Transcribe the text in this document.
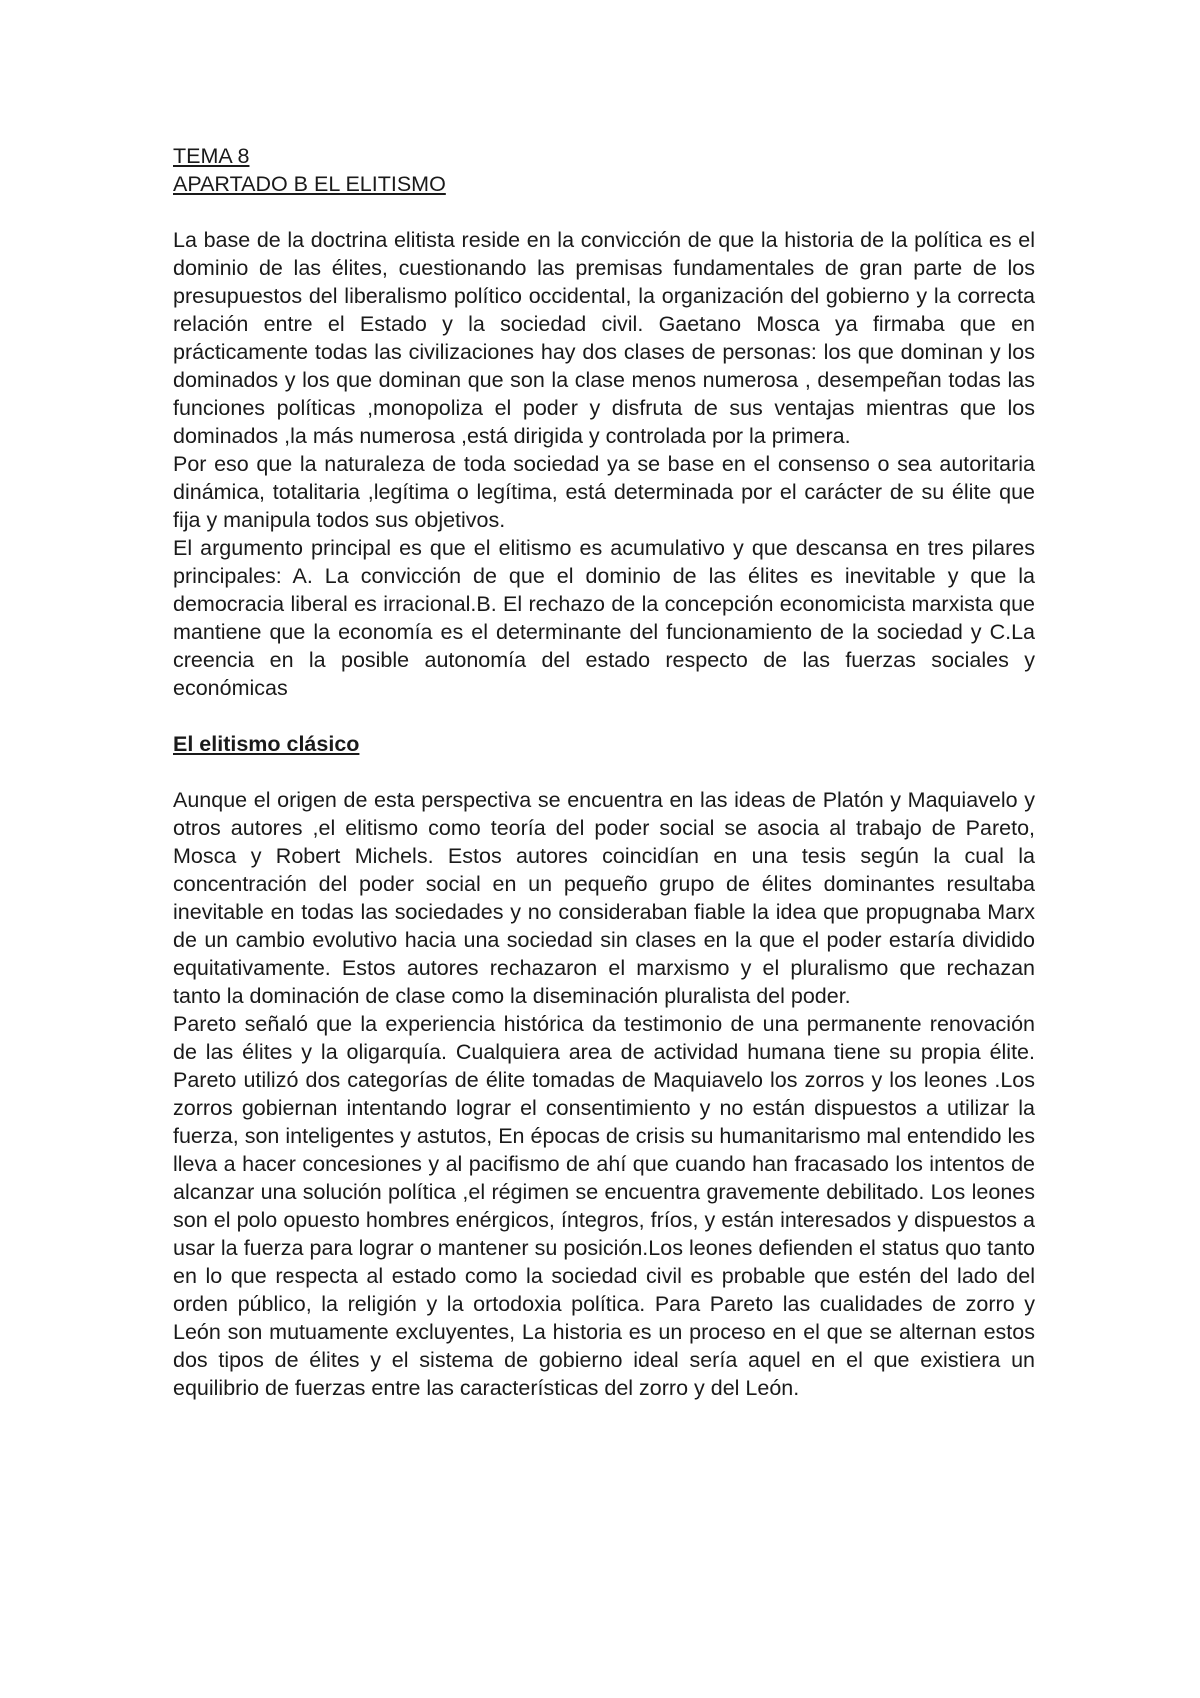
TEMA 8
APARTADO B EL ELITISMO

La base de la doctrina elitista reside en la convicción de que la historia de la política es el dominio de las élites, cuestionando las premisas fundamentales de gran parte de los presupuestos del liberalismo político occidental, la organización del gobierno y la correcta relación entre el Estado y la sociedad civil. Gaetano Mosca ya firmaba que en prácticamente todas las civilizaciones hay dos clases de personas: los que dominan y los dominados y los que dominan que son la clase menos numerosa , desempeñan todas las funciones políticas ,monopoliza el poder y disfruta de sus ventajas mientras que los dominados ,la más numerosa ,está dirigida y controlada por la primera.

Por eso que la naturaleza de toda sociedad ya se base en el consenso o sea autoritaria dinámica, totalitaria ,legítima o legítima, está determinada por el carácter de su élite que fija y manipula todos sus objetivos.

El argumento principal es que el elitismo es acumulativo y que descansa en tres pilares principales: A. La convicción de que el dominio de las élites es inevitable y que la democracia liberal es irracional.B. El rechazo de la concepción economicista marxista que mantiene que la economía es el determinante del funcionamiento de la sociedad y C.La creencia en la posible autonomía del estado respecto de las fuerzas sociales y económicas

El elitismo clásico

Aunque el origen de esta perspectiva se encuentra en las ideas de Platón y Maquiavelo y otros autores ,el elitismo como teoría del poder social se asocia al trabajo de Pareto, Mosca y Robert Michels. Estos autores coincidían en una tesis según la cual la concentración del poder social en un pequeño grupo de élites dominantes resultaba inevitable en todas las sociedades y no consideraban fiable la idea que propugnaba Marx de un cambio evolutivo hacia una sociedad sin clases en la que el poder estaría dividido equitativamente. Estos autores rechazaron el marxismo y el pluralismo que rechazan tanto la dominación de clase como la diseminación pluralista del poder.

Pareto señaló que la experiencia histórica da testimonio de una permanente renovación de las élites y la oligarquía. Cualquiera area de actividad humana tiene su propia élite. Pareto utilizó dos categorías de élite tomadas de Maquiavelo los zorros y los leones .Los zorros gobiernan intentando lograr el consentimiento y no están dispuestos a utilizar la fuerza, son inteligentes y astutos, En épocas de crisis su humanitarismo mal entendido les lleva a hacer concesiones y al pacifismo de ahí que cuando han fracasado los intentos de alcanzar una solución política ,el régimen se encuentra gravemente debilitado. Los leones son el polo opuesto hombres enérgicos, íntegros, fríos, y están interesados y dispuestos a usar la fuerza para lograr o mantener su posición.Los leones defienden el status quo tanto en lo que respecta al estado como la sociedad civil es probable que estén del lado del orden público, la religión y la ortodoxia política. Para Pareto las cualidades de zorro y León son mutuamente excluyentes, La historia es un proceso en el que se alternan estos dos tipos de élites y el sistema de gobierno ideal sería aquel en el que existiera un equilibrio de fuerzas entre las características del zorro y del León.
